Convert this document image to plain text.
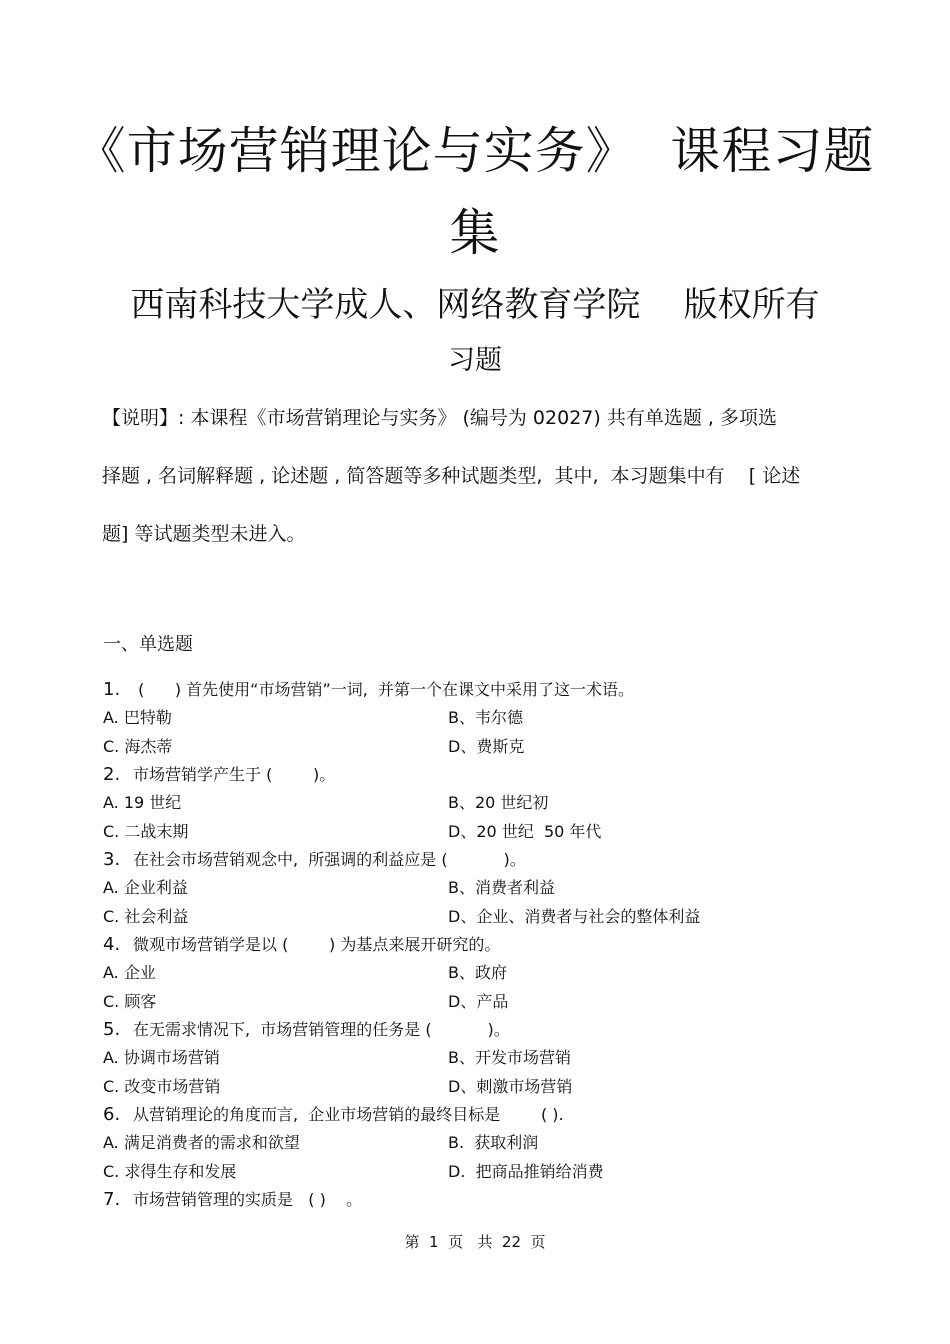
《市场营销理论与实务》  课程习题
集
西南科技大学成人、网络教育学院    版权所有
习题
【说明】: 本课程《市场营销理论与实务》 (编号为 02027) 共有单选题 , 多项选
择题 , 名词解释题 , 论述题 , 简答题等多种试题类型,  其中,  本习题集中有    [ 论述
题] 等试题类型未进入。
一、单选题
1. (      ) 首先使用“市场营销”一词,  并第一个在课文中采用了这一术语。
A. 巴特勒	B、韦尔德
C. 海杰蒂	D、费斯克
2. 市场营销学产生于 (        )。
A. 19 世纪	B、20 世纪初
C. 二战末期	D、20 世纪  50 年代
3. 在社会市场营销观念中,  所强调的利益应是 (           )。
A. 企业利益	B、消费者利益
C. 社会利益	D、企业、消费者与社会的整体利益
4. 微观市场营销学是以 (        ) 为基点来展开研究的。
A. 企业	B、政府
C. 顾客	D、产品
5. 在无需求情况下,  市场营销管理的任务是 (           )。
A. 协调市场营销	B、开发市场营销
C. 改变市场营销	D、刺激市场营销
6. 从营销理论的角度而言,  企业市场营销的最终目标是        ( ).
A. 满足消费者的需求和欲望	B.  获取利润
C. 求得生存和发展	D.  把商品推销给消费
7. 市场营销管理的实质是   ( )    。
第  1  页   共  22  页
